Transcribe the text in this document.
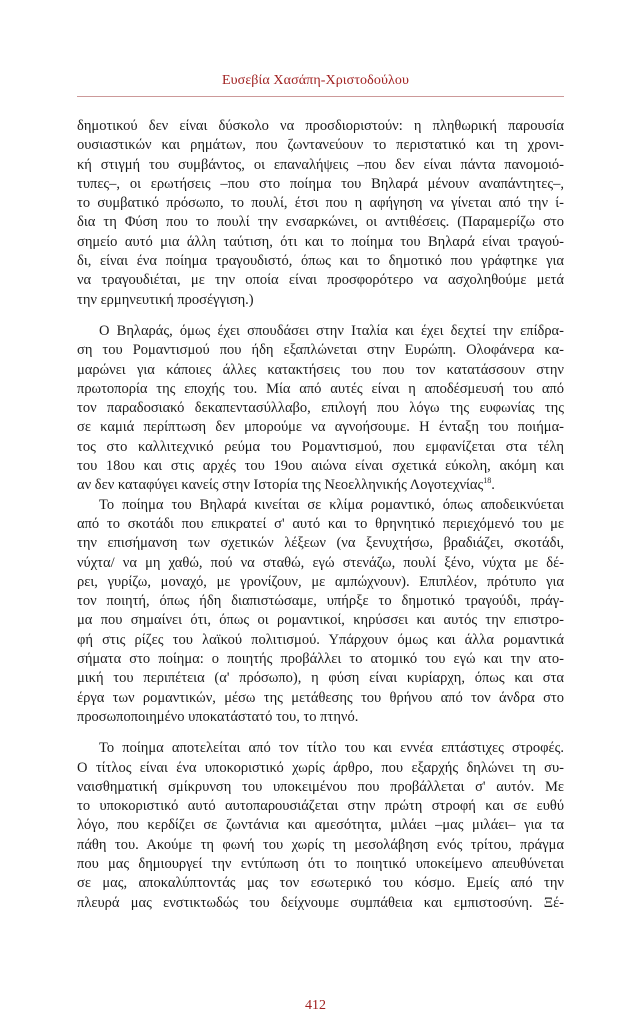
Ευσεβία Χασάπη-Χριστοδούλου
δημοτικού δεν είναι δύσκολο να προσδιοριστούν: η πληθωρική παρουσία
ουσιαστικών και ρημάτων, που ζωντανεύουν το περιστατικό και τη χρονι-
κή στιγμή του συμβάντος, οι επαναλήψεις –που δεν είναι πάντα πανομοιό-
τυπες–, οι ερωτήσεις –που στο ποίημα του Βηλαρά μένουν αναπάντητες–,
το συμβατικό πρόσωπο, το πουλί, έτσι που η αφήγηση να γίνεται από την ί-
δια τη Φύση που το πουλί την ενσαρκώνει, οι αντιθέσεις. (Παραμερίζω στο
σημείο αυτό μια άλλη ταύτιση, ότι και το ποίημα του Βηλαρά είναι τραγού-
δι, είναι ένα ποίημα τραγουδιστό, όπως και το δημοτικό που γράφτηκε για
να τραγουδιέται, με την οποία είναι προσφορότερο να ασχοληθούμε μετά
την ερμηνευτική προσέγγιση.)
Ο Βηλαράς, όμως έχει σπουδάσει στην Ιταλία και έχει δεχτεί την επίδρα-
ση του Ρομαντισμού που ήδη εξαπλώνεται στην Ευρώπη. Ολοφάνερα κα-
μαρώνει για κάποιες άλλες κατακτήσεις του που τον κατατάσσουν στην
πρωτοπορία της εποχής του. Μία από αυτές είναι η αποδέσμευσή του από
τον παραδοσιακό δεκαπεντασύλλαβο, επιλογή που λόγω της ευφωνίας της
σε καμιά περίπτωση δεν μπορούμε να αγνοήσουμε. Η ένταξη του ποιήμα-
τος στο καλλιτεχνικό ρεύμα του Ρομαντισμού, που εμφανίζεται στα τέλη
του 18ου και στις αρχές του 19ου αιώνα είναι σχετικά εύκολη, ακόμη και
αν δεν καταφύγει κανείς στην Ιστορία της Νεοελληνικής Λογοτεχνίας$^{18}$.
Το ποίημα του Βηλαρά κινείται σε κλίμα ρομαντικό, όπως αποδεικνύεται
από το σκοτάδι που επικρατεί σ' αυτό και το θρηνητικό περιεχόμενό του με
την επισήμανση των σχετικών λέξεων (να ξενυχτήσω, βραδιάζει, σκοτάδι,
νύχτα/ να μη χαθώ, πού να σταθώ, εγώ στενάζω, πουλί ξένο, νύχτα με δέ-
ρει, γυρίζω, μοναχό, με γρονίζουν, με αμπώχνουν). Επιπλέον, πρότυπο για
τον ποιητή, όπως ήδη διαπιστώσαμε, υπήρξε το δημοτικό τραγούδι, πράγ-
μα που σημαίνει ότι, όπως οι ρομαντικοί, κηρύσσει και αυτός την επιστρο-
φή στις ρίζες του λαϊκού πολιτισμού. Υπάρχουν όμως και άλλα ρομαντικά
σήματα στο ποίημα: ο ποιητής προβάλλει το ατομικό του εγώ και την ατο-
μική του περιπέτεια (α' πρόσωπο), η φύση είναι κυρίαρχη, όπως και στα
έργα των ρομαντικών, μέσω της μετάθεσης του θρήνου από τον άνδρα στο
προσωποποιημένο υποκατάστατό του, το πτηνό.
Το ποίημα αποτελείται από τον τίτλο του και εννέα επτάστιχες στροφές.
Ο τίτλος είναι ένα υποκοριστικό χωρίς άρθρο, που εξαρχής δηλώνει τη συ-
ναισθηματική σμίκρυνση του υποκειμένου που προβάλλεται σ' αυτόν. Με
το υποκοριστικό αυτό αυτοπαρουσιάζεται στην πρώτη στροφή και σε ευθύ
λόγο, που κερδίζει σε ζωντάνια και αμεσότητα, μιλάει –μας μιλάει– για τα
πάθη του. Ακούμε τη φωνή του χωρίς τη μεσολάβηση ενός τρίτου, πράγμα
που μας δημιουργεί την εντύπωση ότι το ποιητικό υποκείμενο απευθύνεται
σε μας, αποκαλύπτοντάς μας τον εσωτερικό του κόσμο. Εμείς από την
πλευρά μας ενστικτωδώς του δείχνουμε συμπάθεια και εμπιστοσύνη. Ξέ-
412
